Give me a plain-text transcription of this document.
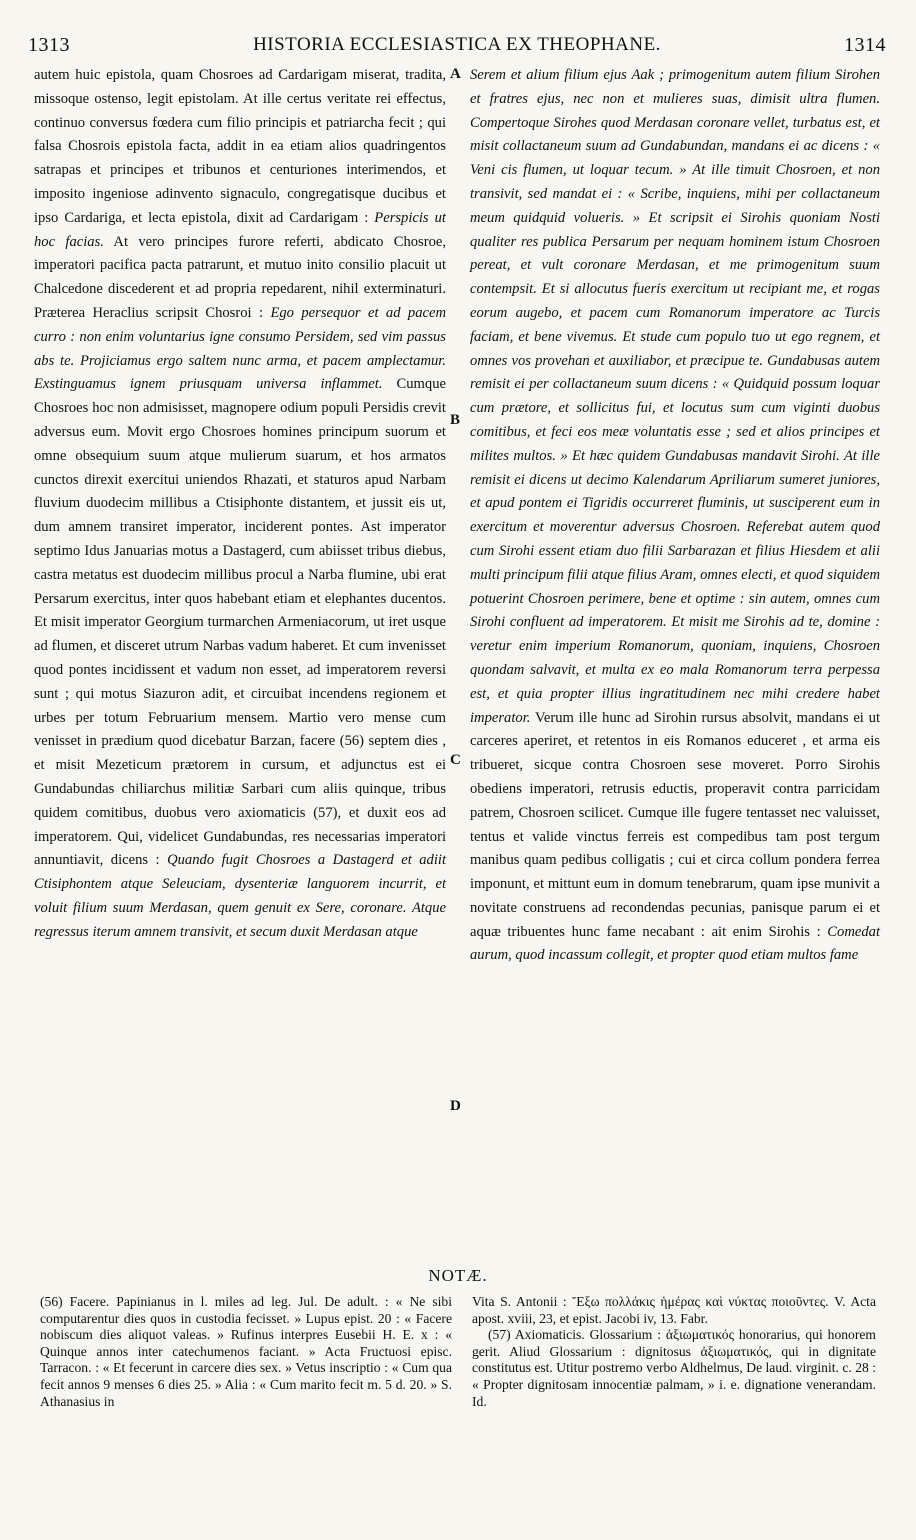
1313	HISTORIA ECCLESIASTICA EX THEOPHANE.	1314

autem huic epistola, quam Chosroes ad Cardarigam miserat, tradita, missoque ostenso, legit epistolam. At ille certus veritate rei effectus, continuo conversus fœdera cum filio principis et patriarcha fecit ; qui falsa Chosrois epistola facta, addit in ea etiam alios quadringentos satrapas et principes et tribunos et centuriones interimendos, et imposito ingeniose adinvento signaculo, congregatisque ducibus et ipso Cardariga, et lecta epistola, dixit ad Cardarigam : Perspicis ut hoc facias. At vero principes furore referti, abdicato Chosroe, imperatori pacifica pacta patrarunt, et mutuo inito consilio placuit ut Chalcedone discederent et ad propria repedarent, nihil exterminaturi. Præterea Heraclius scripsit Chosroi : Ego persequor et ad pacem curro : non enim voluntarius igne consumo Persidem, sed vim passus abs te. Projiciamus ergo saltem nunc arma, et pacem amplectamur. Exstinguamus ignem priusquam universa inflammet. Cumque Chosroes hoc non admisisset, magnopere odium populi Persidis crevit adversus eum. Movit ergo Chosroes homines principum suorum et omne obsequium suum atque mulierum suarum, et hos armatos cunctos direxit exercitui uniendos Rhazati, et staturos apud Narbam fluvium duodecim millibus a Ctisiphonte distantem, et jussit eis ut, dum amnem transiret imperator, inciderent pontes. Ast imperator septimo Idus Januarias motus a Dastagerd, cum abiisset tribus diebus, castra metatus est duodecim millibus procul a Narba flumine, ubi erat Persarum exercitus, inter quos habebant etiam et elephantes ducentos. Et misit imperator Georgium turmarchen Armeniacorum, ut iret usque ad flumen, et disceret utrum Narbas vadum haberet. Et cum invenisset quod pontes incidissent et vadum non esset, ad imperatorem reversi sunt ; qui motus Siazuron adit, et circuibat incendens regionem et urbes per totum Februarium mensem. Martio vero mense cum venisset in prædium quod dicebatur Barzan, facere (56) septem dies , et misit Mezeticum prætorem in cursum, et adjunctus est ei Gundabundas chiliarchus militiæ Sarbari cum aliis quinque, tribus quidem comitibus, duobus vero axiomaticis (57), et duxit eos ad imperatorem. Qui, videlicet Gundabundas, res necessarias imperatori annuntiavit, dicens : Quando fugit Chosroes a Dastagerd et adiit Ctisiphontem atque Seleuciam, dysenteriæ languorem incurrit, et voluit filium suum Merdasan, quem genuit ex Sere, coronare. Atque regressus iterum amnem transivit, et secum duxit Merdasan atque

A
B
C
D

Serem et alium filium ejus Aak ; primogenitum autem filium Sirohen et fratres ejus, nec non et mulieres suas, dimisit ultra flumen. Compertoque Sirohes quod Merdasan coronare vellet, turbatus est, et misit collactaneum suum ad Gundabundan, mandans ei ac dicens : « Veni cis flumen, ut loquar tecum. » At ille timuit Chosroen, et non transivit, sed mandat ei : « Scribe, inquiens, mihi per collactaneum meum quidquid volueris. » Et scripsit ei Sirohis quoniam Nosti qualiter res publica Persarum per nequam hominem istum Chosroen pereat, et vult coronare Merdasan, et me primogenitum suum contempsit. Et si allocutus fueris exercitum ut recipiant me, et rogas eorum augebo, et pacem cum Romanorum imperatore ac Turcis faciam, et bene vivemus. Et stude cum populo tuo ut ego regnem, et omnes vos provehan et auxiliabor, et præcipue te. Gundabusas autem remisit ei per collactaneum suum dicens : « Quidquid possum loquar cum prætore, et sollicitus fui, et locutus sum cum viginti duobus comitibus, et feci eos meæ voluntatis esse ; sed et alios principes et milites multos. » Et hæc quidem Gundabusas mandavit Sirohi. At ille remisit ei dicens ut decimo Kalendarum Apriliarum sumeret juniores, et apud pontem ei Tigridis occurreret fluminis, ut susciperent eum in exercitum et moverentur adversus Chosroen. Referebat autem quod cum Sirohi essent etiam duo filii Sarbarazan et filius Hiesdem et alii multi principum filii atque filius Aram, omnes electi, et quod siquidem potuerint Chosroen perimere, bene et optime : sin autem, omnes cum Sirohi confluent ad imperatorem. Et misit me Sirohis ad te, domine : veretur enim imperium Romanorum, quoniam, inquiens, Chosroen quondam salvavit, et multa ex eo mala Romanorum terra perpessa est, et quia propter illius ingratitudinem nec mihi credere habet imperator. Verum ille hunc ad Sirohin rursus absolvit, mandans ei ut carceres aperiret, et retentos in eis Romanos educeret , et arma eis tribueret, sicque contra Chosroen sese moveret. Porro Sirohis obediens imperatori, retrusis eductis, properavit contra parricidam patrem, Chosroen scilicet. Cumque ille fugere tentasset nec valuisset, tentus et valide vinctus ferreis est compedibus tam post tergum manibus quam pedibus colligatis ; cui et circa collum pondera ferrea imponunt, et mittunt eum in domum tenebrarum, quam ipse munivit a novitate construens ad recondendas pecunias, panisque parum ei et aquæ tribuentes hunc fame necabant : ait enim Sirohis : Comedat aurum, quod incassum collegit, et propter quod etiam multos fame

NOTÆ.

(56) Facere. Papinianus in l. miles ad leg. Jul. De adult. : « Ne sibi computarentur dies quos in custodia fecisset. » Lupus epist. 20 : « Facere nobiscum dies aliquot valeas. » Rufinus interpres Eusebii H. E. x : « Quinque annos inter catechumenos faciant. » Acta Fructuosi episc. Tarracon. : « Et fecerunt in carcere dies sex. » Vetus inscriptio : « Cum qua fecit annos 9 menses 6 dies 25. » Alia : « Cum marito fecit m. 5 d. 20. » S. Athanasius in

Vita S. Antonii : Ἔξω πολλάκις ἡμέρας καὶ νύκτας ποιοῦντες. V. Acta apost. xviii, 23, et epist. Jacobi iv, 13. Fabr.

(57) Axiomaticis. Glossarium : ἀξιωματικός honorarius, qui honorem gerit. Aliud Glossarium : dignitosus ἀξιωματικός, qui in dignitate constitutus est. Utitur postremo verbo Aldhelmus, De laud. virginit. c. 28 : « Propter dignitosam innocentiæ palmam, » i. e. dignatione venerandam. Id.
